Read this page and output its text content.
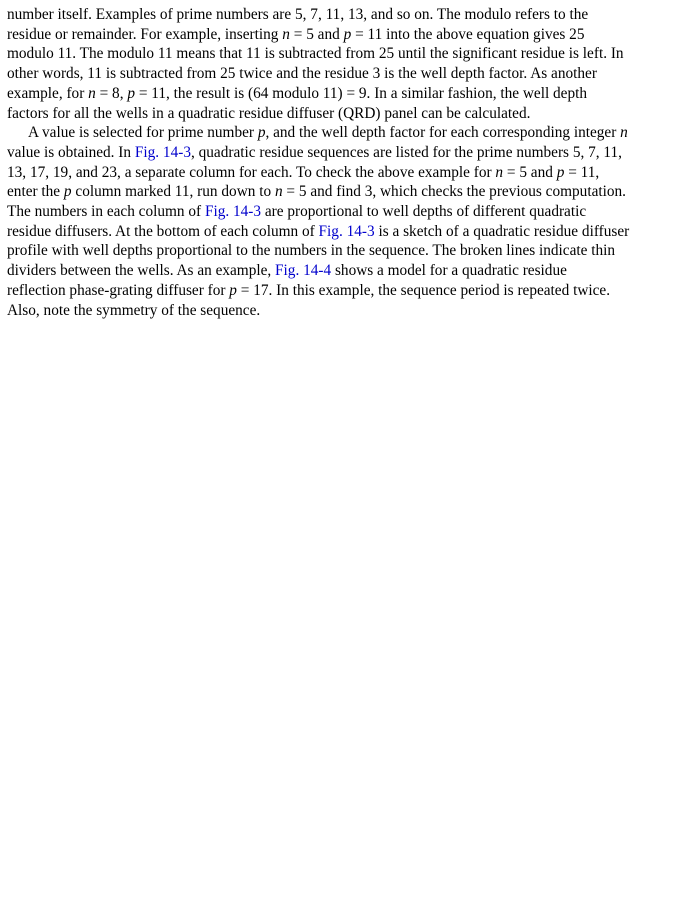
number itself. Examples of prime numbers are 5, 7, 11, 13, and so on. The modulo refers to the
residue or remainder. For example, inserting n = 5 and p = 11 into the above equation gives 25
modulo 11. The modulo 11 means that 11 is subtracted from 25 until the significant residue is left. In
other words, 11 is subtracted from 25 twice and the residue 3 is the well depth factor. As another
example, for n = 8, p = 11, the result is (64 modulo 11) = 9. In a similar fashion, the well depth
factors for all the wells in a quadratic residue diffuser (QRD) panel can be calculated.
A value is selected for prime number p, and the well depth factor for each corresponding integer n
value is obtained. In Fig. 14-3, quadratic residue sequences are listed for the prime numbers 5, 7, 11,
13, 17, 19, and 23, a separate column for each. To check the above example for n = 5 and p = 11,
enter the p column marked 11, run down to n = 5 and find 3, which checks the previous computation.
The numbers in each column of Fig. 14-3 are proportional to well depths of different quadratic
residue diffusers. At the bottom of each column of Fig. 14-3 is a sketch of a quadratic residue diffuser
profile with well depths proportional to the numbers in the sequence. The broken lines indicate thin
dividers between the wells. As an example, Fig. 14-4 shows a model for a quadratic residue
reflection phase-grating diffuser for p = 17. In this example, the sequence period is repeated twice.
Also, note the symmetry of the sequence.
